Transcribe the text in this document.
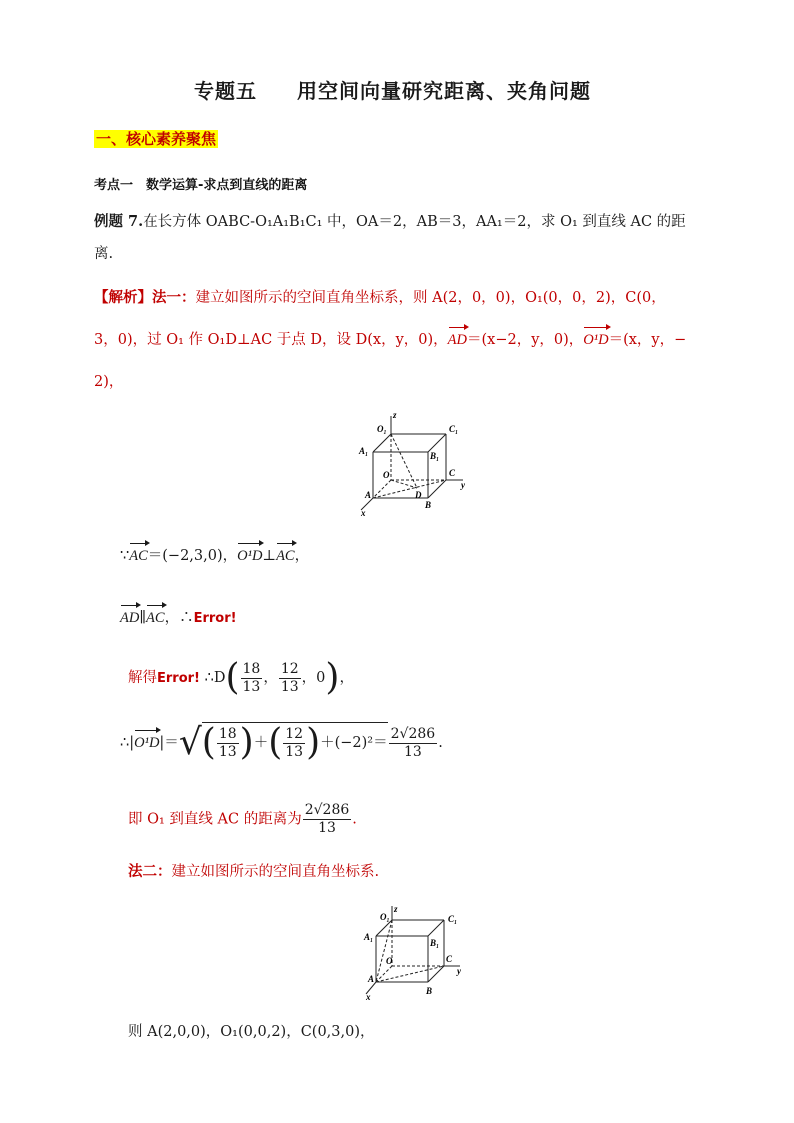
专题五 用空间向量研究距离、夹角问题
一、核心素养聚焦
考点一　数学运算-求点到直线的距离
例题 7.在长方体 OABC-O₁A₁B₁C₁ 中，OA＝2，AB＝3，AA₁＝2，求 O₁ 到直线 AC 的距
离.
【解析】法一：建立如图所示的空间直角坐标系，则 A(2，0，0)，O₁(0，0，2)，C(0，
3，0)，过 O₁ 作 O₁D⊥AC 于点 D，设 D(x，y，0)，AD＝(x−2，y，0)，O¹D＝(x，y，−
2)，
z
y
x
O₁	C₁
A₁	B₁
O	C
A
B
D
∵AC＝(−2,3,0)，O¹D⊥AC，
AD∥AC，∴Error!
解得Error! ∴D( $\frac{18}{13}$ ， $\frac{12}{13}$ ，0)，
∴|O¹D|＝√( $\frac{18}{13}$ )＋( $\frac{12}{13} )+(-2)^2= \frac{2√286}{13}$ .
即 O₁ 到直线 AC 的距离为 $\frac{2√286}{13}$ .
法二：建立如图所示的空间直角坐标系.
z
y
x
O₁	C₁
A₁
B₁
O	C
A
B
则 A(2,0,0)，O₁(0,0,2)，C(0,3,0)，
